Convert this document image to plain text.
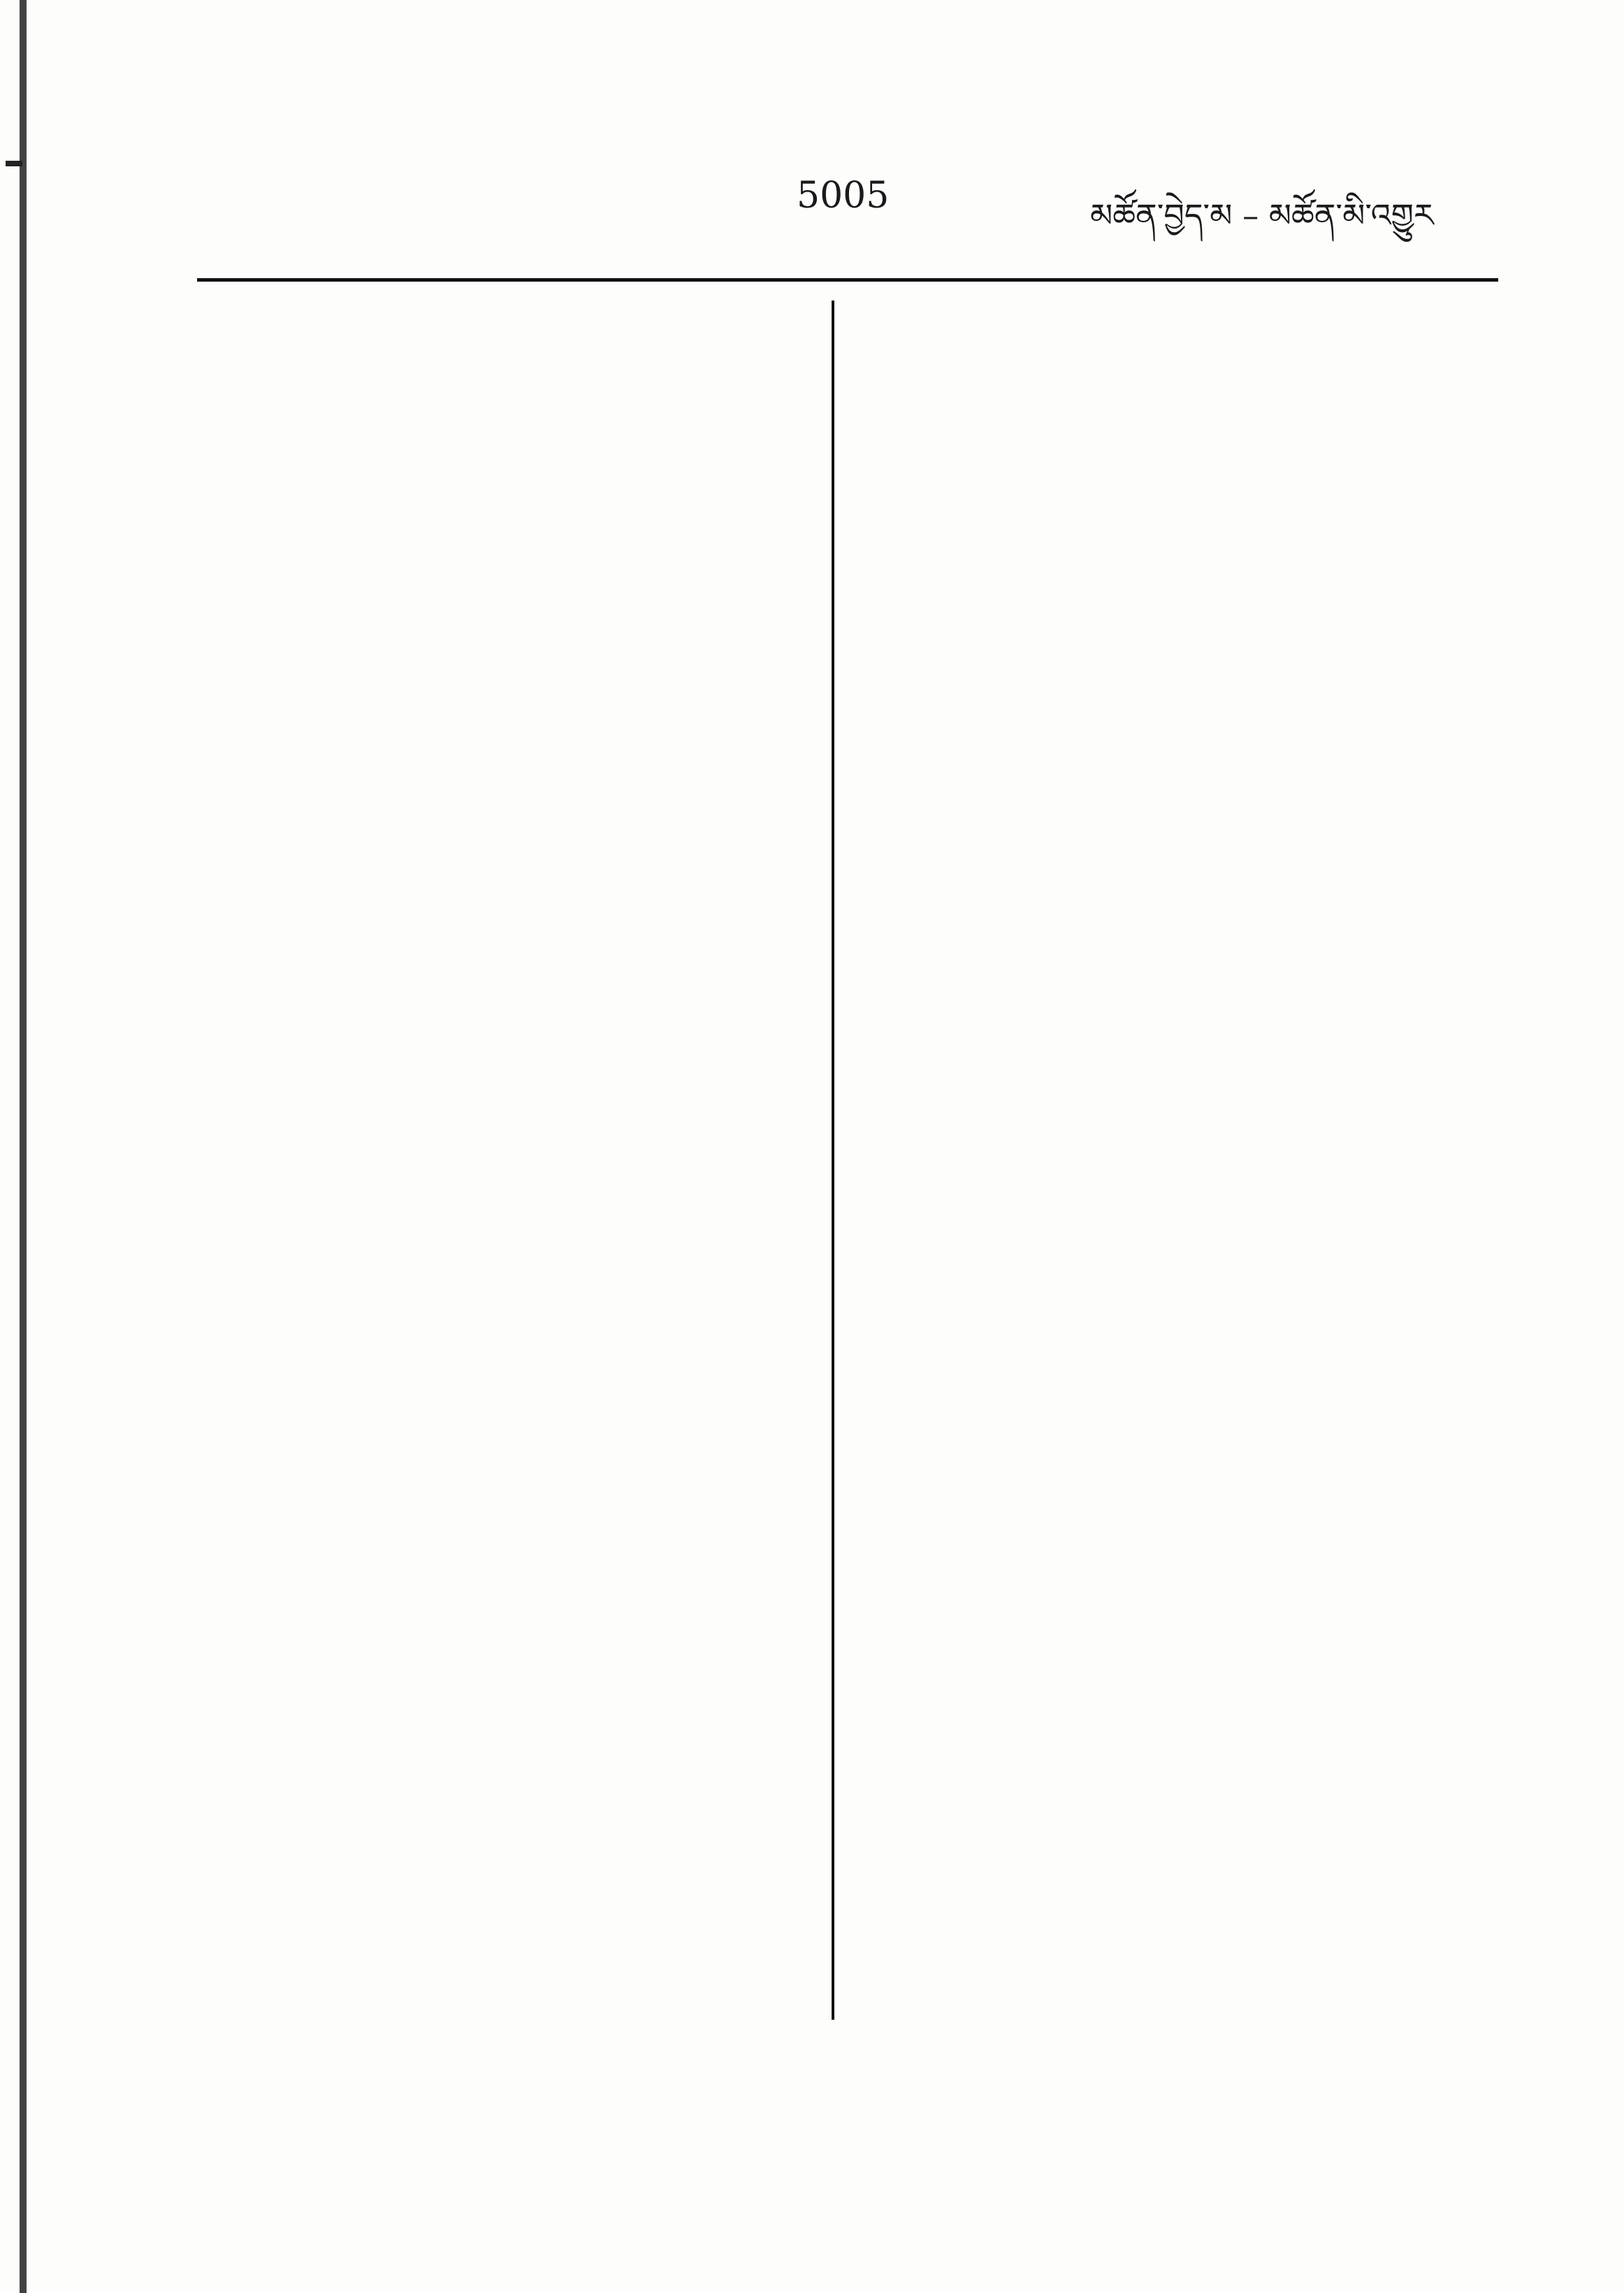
5005	མཚོན་བྱེད་མ – མཚོན་མི་འགྱུར
